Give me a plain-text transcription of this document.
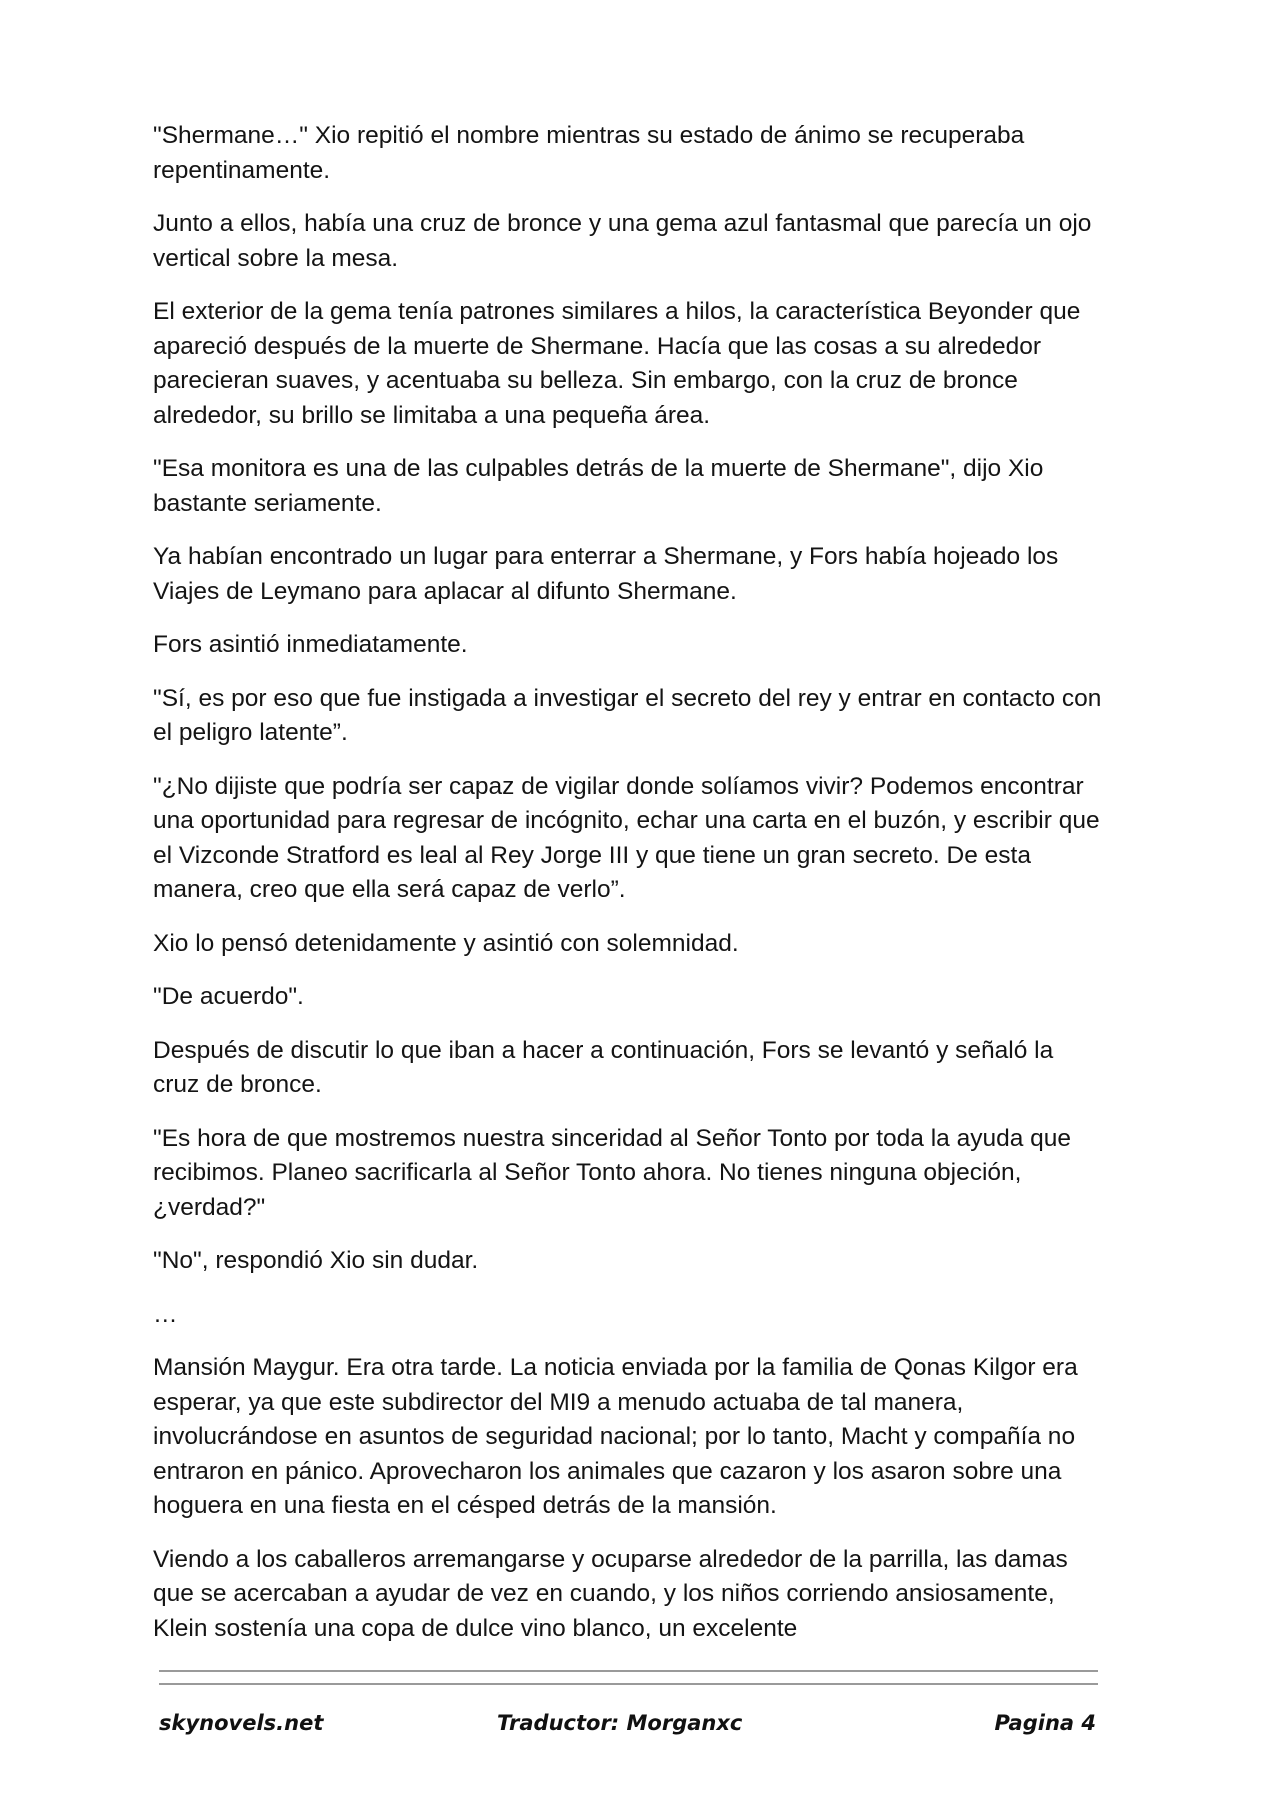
"Shermane…" Xio repitió el nombre mientras su estado de ánimo se recuperaba repentinamente.

Junto a ellos, había una cruz de bronce y una gema azul fantasmal que parecía un ojo vertical sobre la mesa.

El exterior de la gema tenía patrones similares a hilos, la característica Beyonder que apareció después de la muerte de Shermane. Hacía que las cosas a su alrededor parecieran suaves, y acentuaba su belleza. Sin embargo, con la cruz de bronce alrededor, su brillo se limitaba a una pequeña área.

"Esa monitora es una de las culpables detrás de la muerte de Shermane", dijo Xio bastante seriamente.

Ya habían encontrado un lugar para enterrar a Shermane, y Fors había hojeado los Viajes de Leymano para aplacar al difunto Shermane.

Fors asintió inmediatamente.

"Sí, es por eso que fue instigada a investigar el secreto del rey y entrar en contacto con el peligro latente”.

"¿No dijiste que podría ser capaz de vigilar donde solíamos vivir? Podemos encontrar una oportunidad para regresar de incógnito, echar una carta en el buzón, y escribir que el Vizconde Stratford es leal al Rey Jorge III y que tiene un gran secreto. De esta manera, creo que ella será capaz de verlo”.

Xio lo pensó detenidamente y asintió con solemnidad.

"De acuerdo".

Después de discutir lo que iban a hacer a continuación, Fors se levantó y señaló la cruz de bronce.

"Es hora de que mostremos nuestra sinceridad al Señor Tonto por toda la ayuda que recibimos. Planeo sacrificarla al Señor Tonto ahora. No tienes ninguna objeción, ¿verdad?"

"No", respondió Xio sin dudar.

…

Mansión Maygur. Era otra tarde. La noticia enviada por la familia de Qonas Kilgor era esperar, ya que este subdirector del MI9 a menudo actuaba de tal manera, involucrándose en asuntos de seguridad nacional; por lo tanto, Macht y compañía no entraron en pánico. Aprovecharon los animales que cazaron y los asaron sobre una hoguera en una fiesta en el césped detrás de la mansión.

Viendo a los caballeros arremangarse y ocuparse alrededor de la parrilla, las damas que se acercaban a ayudar de vez en cuando, y los niños corriendo ansiosamente, Klein sostenía una copa de dulce vino blanco, un excelente

skynovels.net	Traductor: Morganxc	Pagina 4
